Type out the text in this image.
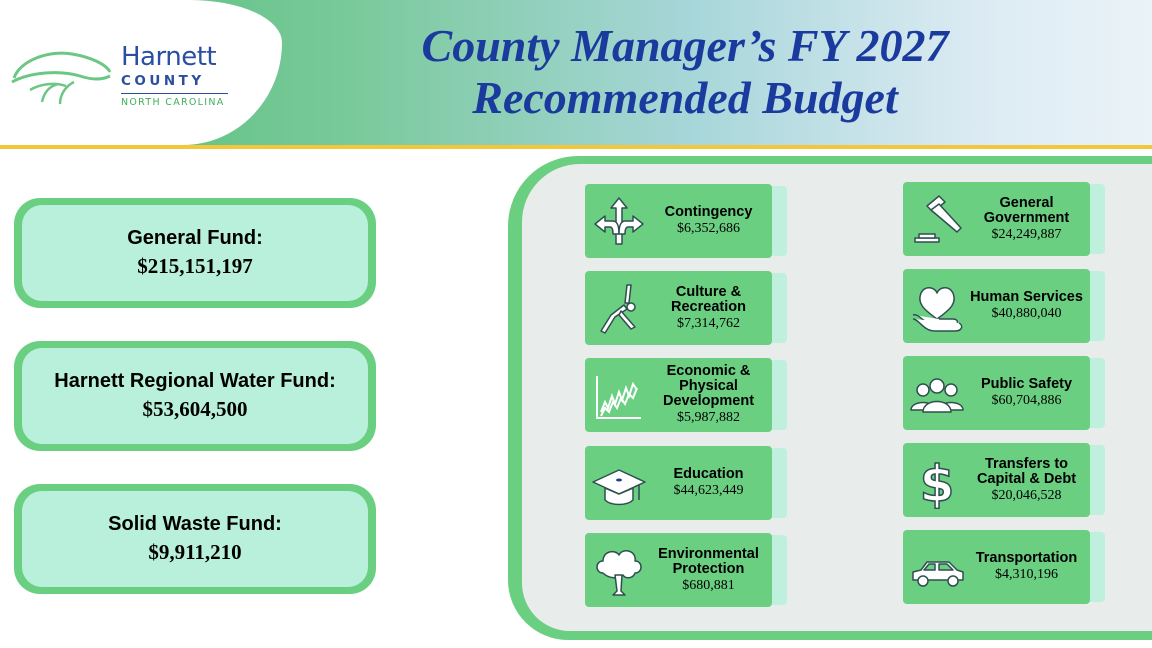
Harnett
COUNTY
NORTH CAROLINA
County Manager’s FY 2027
Recommended Budget
General Fund:
$215,151,197
Harnett Regional Water Fund:
$53,604,500
Solid Waste Fund:
$9,911,210
Contingency
$6,352,686
Culture & Recreation
$7,314,762
Economic & Physical Development
$5,987,882
Education
$44,623,449
Environmental Protection
$680,881
General Government
$24,249,887
Human Services
$40,880,040
Public Safety
$60,704,886
$	Transfers to Capital & Debt
$20,046,528
Transportation
$4,310,196
